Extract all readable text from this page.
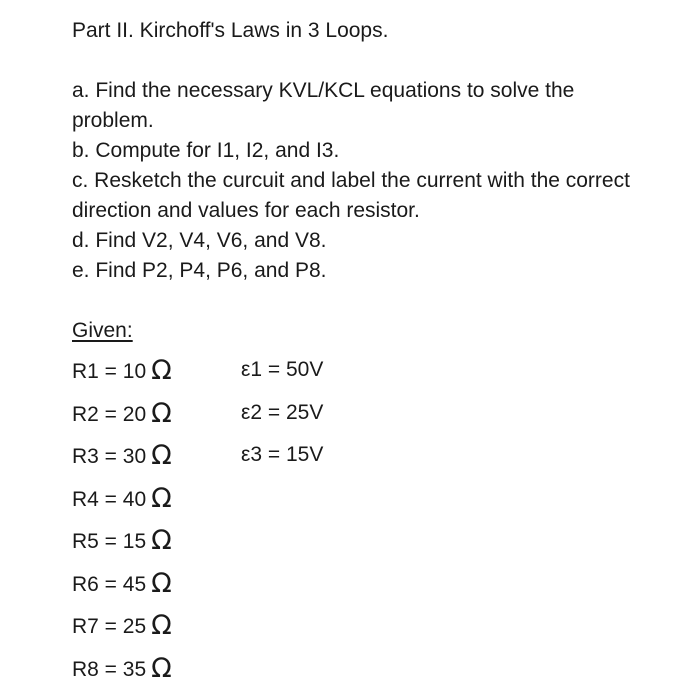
Part II. Kirchoff's Laws in 3 Loops.

a. Find the necessary KVL/KCL equations to solve the problem.

b. Compute for I1, I2, and I3.

c. Resketch the curcuit and label the current with the correct direction and values for each resistor.

d. Find V2, V4, V6, and V8.

e. Find P2, P4, P6, and P8.

Given:
R1 = 10 Ω
R2 = 20 Ω
R3 = 30 Ω
R4 = 40 Ω
R5 = 15 Ω
R6 = 45 Ω
R7 = 25 Ω
R8 = 35 Ω
ε1 = 50V
ε2 = 25V
ε3 = 15V
